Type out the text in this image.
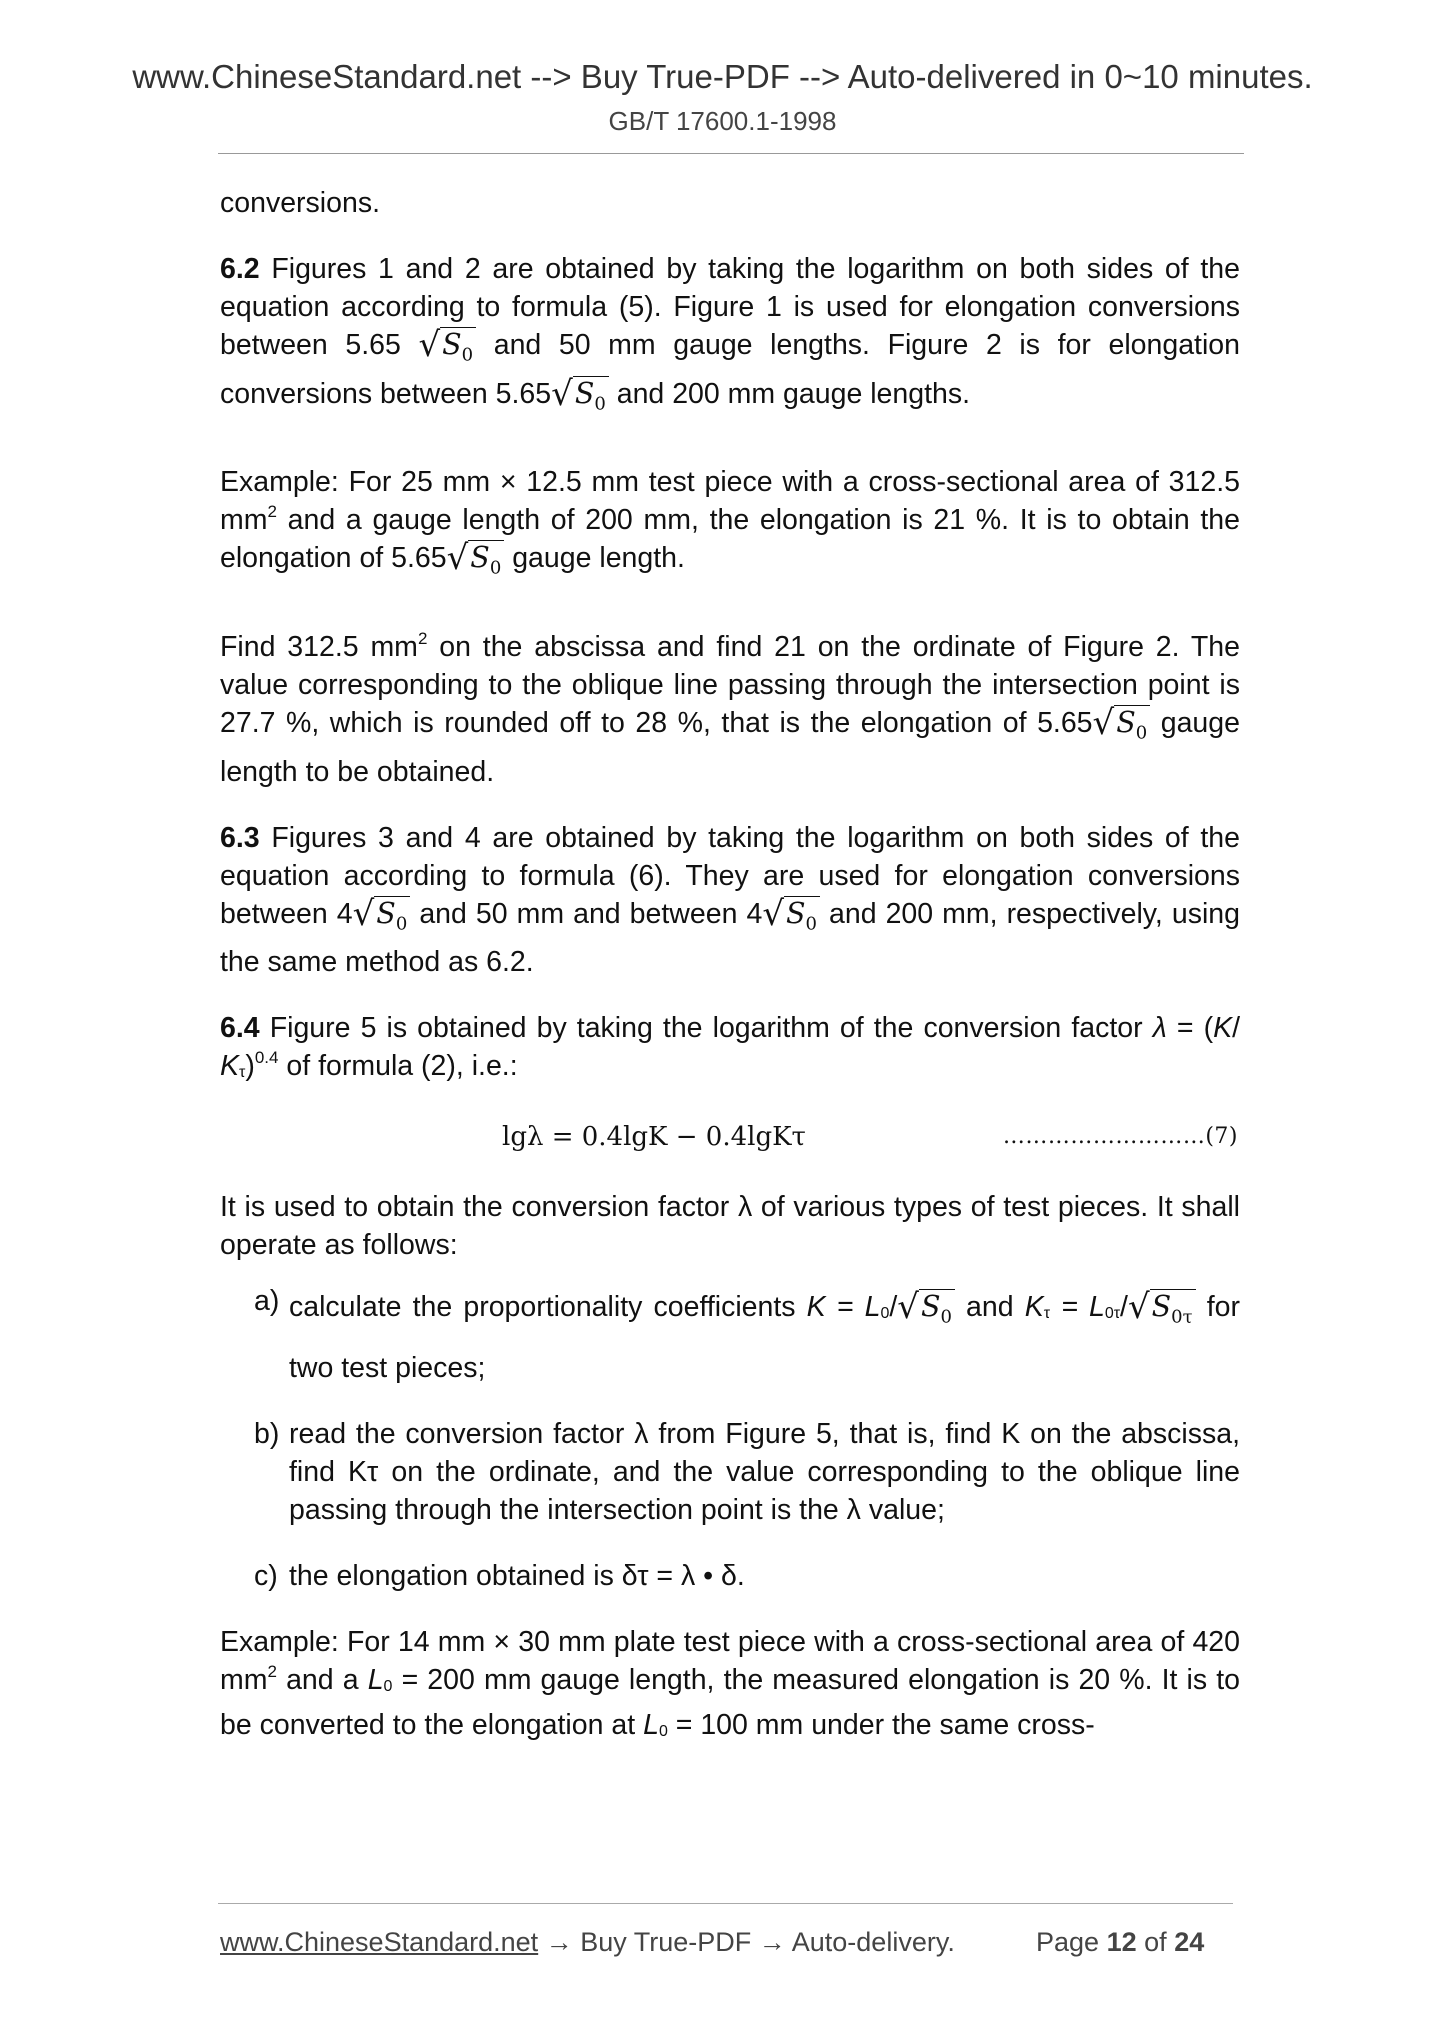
www.ChineseStandard.net --> Buy True-PDF --> Auto-delivered in 0~10 minutes.
GB/T 17600.1-1998

conversions.

6.2 Figures 1 and 2 are obtained by taking the logarithm on both sides of the equation according to formula (5). Figure 1 is used for elongation conversions between 5.65 $√S_0$ and 50 mm gauge lengths. Figure 2 is for elongation conversions between $5.65√S_0$ and 200 mm gauge lengths.

Example: For 25 mm × 12.5 mm test piece with a cross-sectional area of 312.5 $mm^2$ and a gauge length of 200 mm, the elongation is 21 %. It is to obtain the elongation of $5.65√S_0$ gauge length.

Find 312.5 $mm^2$ on the abscissa and find 21 on the ordinate of Figure 2. The value corresponding to the oblique line passing through the intersection point is 27.7 %, which is rounded off to 28 %, that is the elongation of $5.65√S_0$ gauge length to be obtained.

6.3 Figures 3 and 4 are obtained by taking the logarithm on both sides of the equation according to formula (6). They are used for elongation conversions between $4√S_0$ and 50 mm and between $4√S_0$ and 200 mm, respectively, using the same method as 6.2.

6.4 Figure 5 is obtained by taking the logarithm of the conversion factor λ = (K/ Kτ)$^{0.4}$ of formula (2), i.e.:

lgλ = 0.4lgK − 0.4lgKτ	………………………(7)

It is used to obtain the conversion factor λ of various types of test pieces. It shall operate as follows:

a) calculate the proportionality coefficients $K = L0/√S_0$ and $K\tau = L0\tau/√S_{0\tau}$ for two test pieces;
b) read the conversion factor λ from Figure 5, that is, find K on the abscissa, find Kτ on the ordinate, and the value corresponding to the oblique line passing through the intersection point is the λ value;
c) the elongation obtained is δτ = λ • δ.

Example: For 14 mm × 30 mm plate test piece with a cross-sectional area of 420 $mm^2$ and a L0 = 200 mm gauge length, the measured elongation is 20 %. It is to be converted to the elongation at L0 = 100 mm under the same cross-

www.ChineseStandard.net → Buy True-PDF → Auto-delivery.	Page 12 of 24
